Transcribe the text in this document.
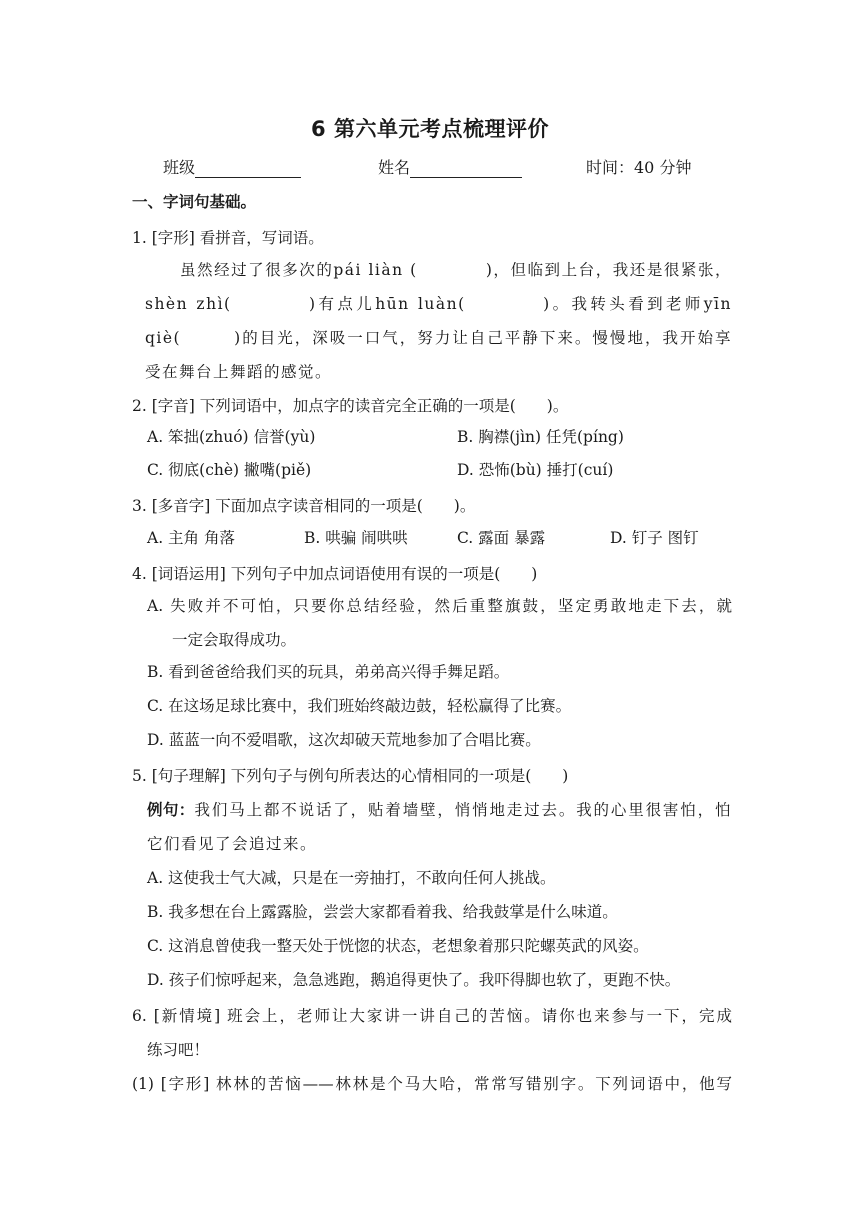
6 第六单元考点梳理评价
班级	姓名	时间：40 分钟
一、字词句基础。
1. [字形] 看拼音，写词语。
虽然经过了很多次的pái liàn (　　　　)，但临到上台，我还是很紧张，
shèn zhì(　　　　)有点儿hūn luàn(　　　　)。我转头看到老师yīn
qiè(　　　)的目光，深吸一口气，努力让自己平静下来。慢慢地，我开始享
受在舞台上舞蹈的感觉。
2. [字音] 下列词语中，加点字的读音完全正确的一项是(　　)。
A. 笨拙(zhuó) 信誉(yù)	B. 胸襟(jìn) 任凭(píng)
C. 彻底(chè) 撇嘴(piě)	D. 恐怖(bù) 捶打(cuí)
3. [多音字] 下面加点字读音相同的一项是(　　)。
A. 主角 角落	B. 哄骗 闹哄哄	C. 露面 暴露	D. 钉子 图钉
4. [词语运用] 下列句子中加点词语使用有误的一项是(　　)
A. 失败并不可怕，只要你总结经验，然后重整旗鼓，坚定勇敢地走下去，就
一定会取得成功。
B. 看到爸爸给我们买的玩具，弟弟高兴得手舞足蹈。
C. 在这场足球比赛中，我们班始终敲边鼓，轻松赢得了比赛。
D. 蓝蓝一向不爱唱歌，这次却破天荒地参加了合唱比赛。
5. [句子理解] 下列句子与例句所表达的心情相同的一项是(　　)
例句：我们马上都不说话了，贴着墙壁，悄悄地走过去。我的心里很害怕，怕
它们看见了会追过来。
A. 这使我士气大减，只是在一旁抽打，不敢向任何人挑战。
B. 我多想在台上露露脸，尝尝大家都看着我、给我鼓掌是什么味道。
C. 这消息曾使我一整天处于恍惚的状态，老想象着那只陀螺英武的风姿。
D. 孩子们惊呼起来，急急逃跑，鹅追得更快了。我吓得脚也软了，更跑不快。
6. [新情境] 班会上，老师让大家讲一讲自己的苦恼。请你也来参与一下，完成
练习吧！
(1) [字形] 林林的苦恼——林林是个马大哈，常常写错别字。下列词语中，他写
